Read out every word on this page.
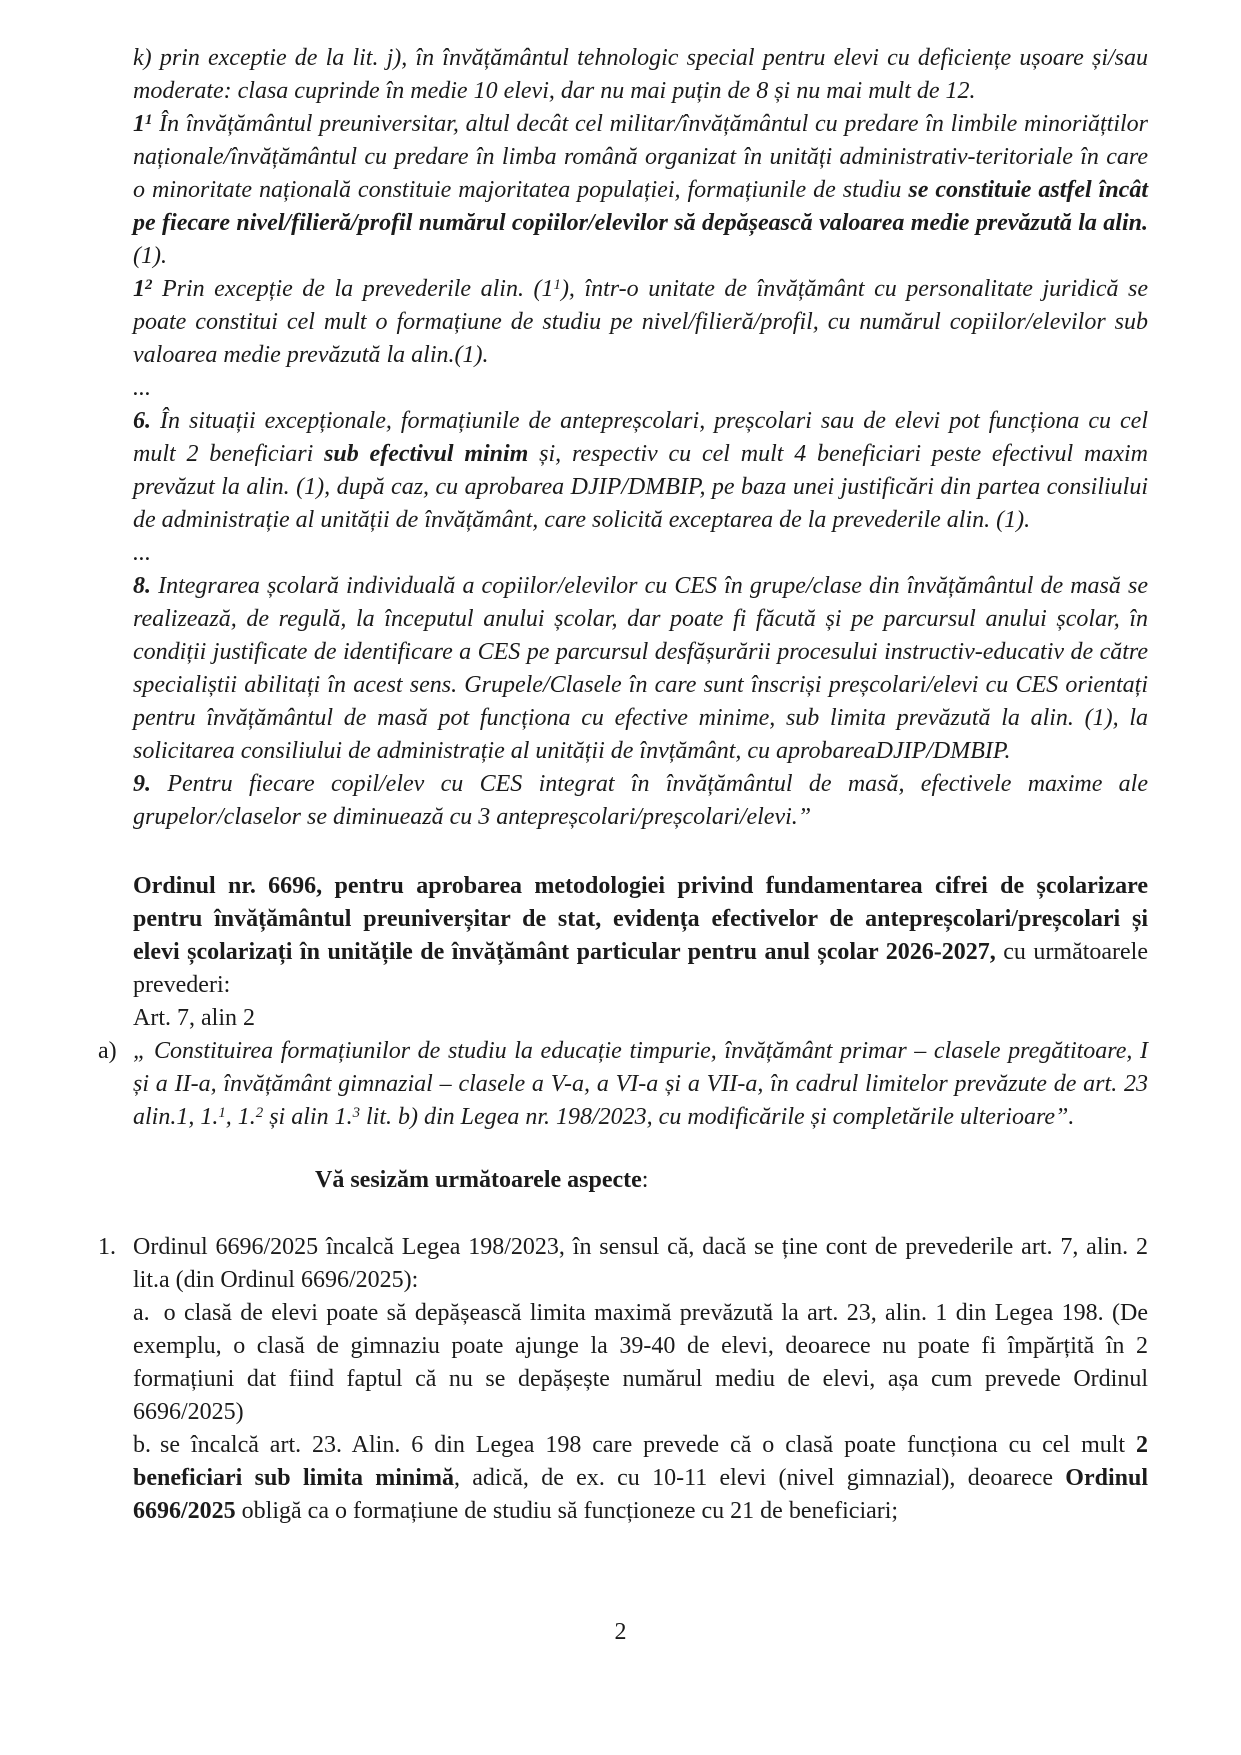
k) prin exceptie de la lit. j), în învățământul tehnologic special pentru elevi cu deficiențe ușoare și/sau moderate: clasa cuprinde în medie 10 elevi, dar nu mai puțin de 8 și nu mai mult de 12.

$1^1$ În învățământul preuniversitar, altul decât cel militar/învățământul cu predare în limbile minoriățtilor naționale/învățământul cu predare în limba română organizat în unități administrativ-teritoriale în care o minoritate națională constituie majoritatea populației, formațiunile de studiu se constituie astfel încât pe fiecare nivel/filieră/profil numărul copiilor/elevilor să depășească valoarea medie prevăzută la alin. (1).

$1^2$ Prin excepție de la prevederile alin. $(1^1)$, într-o unitate de învățământ cu personalitate juridică se poate constitui cel mult o formațiune de studiu pe nivel/filieră/profil, cu numărul copiilor/elevilor sub valoarea medie prevăzută la alin.(1).

...

6. În situații excepționale, formațiunile de antepreșcolari, preșcolari sau de elevi pot funcționa cu cel mult 2 beneficiari sub efectivul minim și, respectiv cu cel mult 4 beneficiari peste efectivul maxim prevăzut la alin. (1), după caz, cu aprobarea DJIP/DMBIP, pe baza unei justificări din partea consiliului de administrație al unității de învățământ, care solicită exceptarea de la prevederile alin. (1).

...

8. Integrarea școlară individuală a copiilor/elevilor cu CES în grupe/clase din învățământul de masă se realizează, de regulă, la începutul anului școlar, dar poate fi făcută și pe parcursul anului școlar, în condiții justificate de identificare a CES pe parcursul desfășurării procesului instructiv-educativ de către specialiștii abilitați în acest sens. Grupele/Clasele în care sunt înscriși preșcolari/elevi cu CES orientați pentru învățământul de masă pot funcționa cu efective minime, sub limita prevăzută la alin. (1), la solicitarea consiliului de administrație al unității de învțământ, cu aprobareaDJIP/DMBIP.

9. Pentru fiecare copil/elev cu CES integrat în învățământul de masă, efectivele maxime ale grupelor/claselor se diminuează cu 3 antepreșcolari/preșcolari/elevi.”

Ordinul nr. 6696, pentru aprobarea metodologiei privind fundamentarea cifrei de școlarizare pentru învățământul preuniverșitar de stat, evidența efectivelor de antepreșcolari/preșcolari și elevi școlarizați în unitățile de învățământ particular pentru anul școlar 2026-2027, cu următoarele prevederi:

Art. 7, alin 2

a) „ Constituirea formațiunilor de studiu la educație timpurie, învățământ primar – clasele pregătitoare, I și a II-a, învățământ gimnazial – clasele a V-a, a VI-a și a VII-a, în cadrul limitelor prevăzute de art. 23 alin.1, 1.$^1$, 1.$^2$ și alin 1.$^3$ lit. b) din Legea nr. 198/2023, cu modificările și completările ulterioare”.

Vă sesizăm următoarele aspecte:

1. Ordinul 6696/2025 încalcă Legea 198/2023, în sensul că, dacă se ține cont de prevederile art. 7, alin. 2 lit.a (din Ordinul 6696/2025):

a. o clasă de elevi poate să depășească limita maximă prevăzută la art. 23, alin. 1 din Legea 198. (De exemplu, o clasă de gimnaziu poate ajunge la 39-40 de elevi, deoarece nu poate fi împărțită în 2 formațiuni dat fiind faptul că nu se depășește numărul mediu de elevi, așa cum prevede Ordinul 6696/2025)

b. se încalcă art. 23. Alin. 6 din Legea 198 care prevede că o clasă poate funcționa cu cel mult 2 beneficiari sub limita minimă, adică, de ex. cu 10-11 elevi (nivel gimnazial), deoarece Ordinul 6696/2025 obligă ca o formațiune de studiu să funcționeze cu 21 de beneficiari;

2
